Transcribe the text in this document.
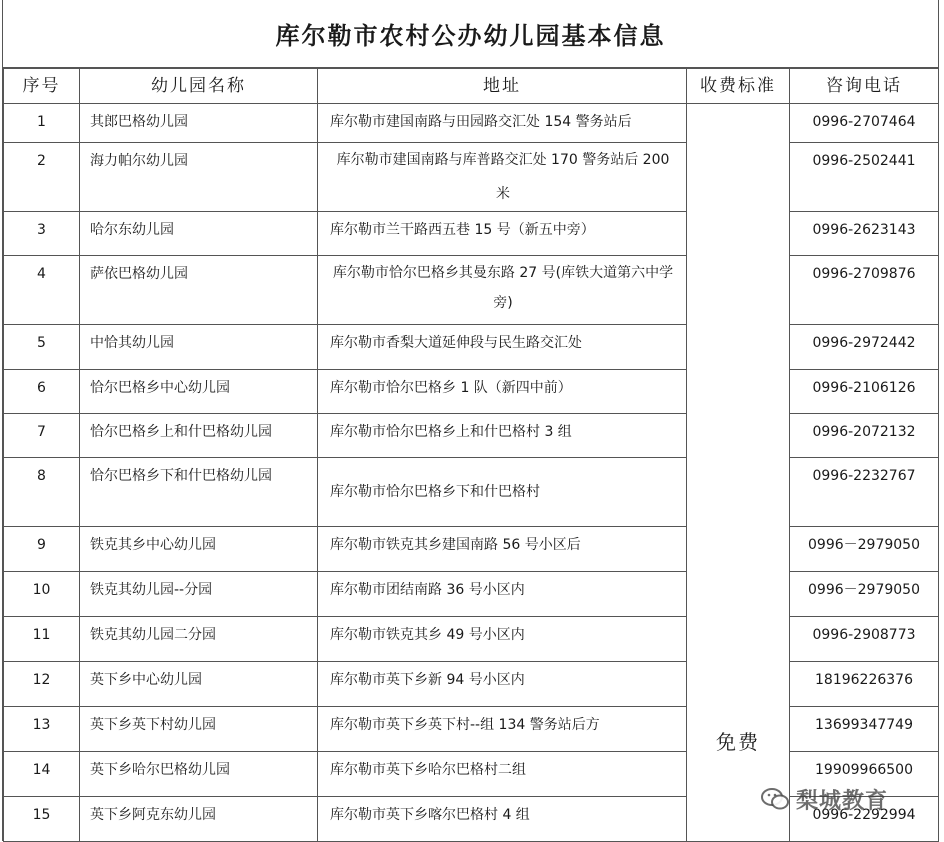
库尔勒市农村公办幼儿园基本信息
序号	幼儿园名称	地址	收费标准	咨询电话
1	其郎巴格幼儿园	库尔勒市建国南路与田园路交汇处 154 警务站后	免费	0996-2707464
2	海力帕尔幼儿园	库尔勒市建国南路与库普路交汇处 170 警务站后 200 米		0996-2502441
3	哈尔东幼儿园	库尔勒市兰干路西五巷 15 号（新五中旁）		0996-2623143
4	萨依巴格幼儿园	库尔勒市恰尔巴格乡其曼东路 27 号(库铁大道第六中学旁)		0996-2709876
5	中恰其幼儿园	库尔勒市香梨大道延伸段与民生路交汇处		0996-2972442
6	恰尔巴格乡中心幼儿园	库尔勒市恰尔巴格乡 1 队（新四中前）		0996-2106126
7	恰尔巴格乡上和什巴格幼儿园	库尔勒市恰尔巴格乡上和什巴格村 3 组		0996-2072132
8	恰尔巴格乡下和什巴格幼儿园	库尔勒市恰尔巴格乡下和什巴格村		0996-2232767
9	铁克其乡中心幼儿园	库尔勒市铁克其乡建国南路 56 号小区后		0996－2979050
10	铁克其幼儿园--分园	库尔勒市团结南路 36 号小区内		0996－2979050
11	铁克其幼儿园二分园	库尔勒市铁克其乡 49 号小区内		0996-2908773
12	英下乡中心幼儿园	库尔勒市英下乡新 94 号小区内		18196226376
13	英下乡英下村幼儿园	库尔勒市英下乡英下村--组 134 警务站后方		13699347749
14	英下乡哈尔巴格幼儿园	库尔勒市英下乡哈尔巴格村二组		19909966500
15	英下乡阿克东幼儿园	库尔勒市英下乡喀尔巴格村 4 组		0996-2292994
梨城教育
